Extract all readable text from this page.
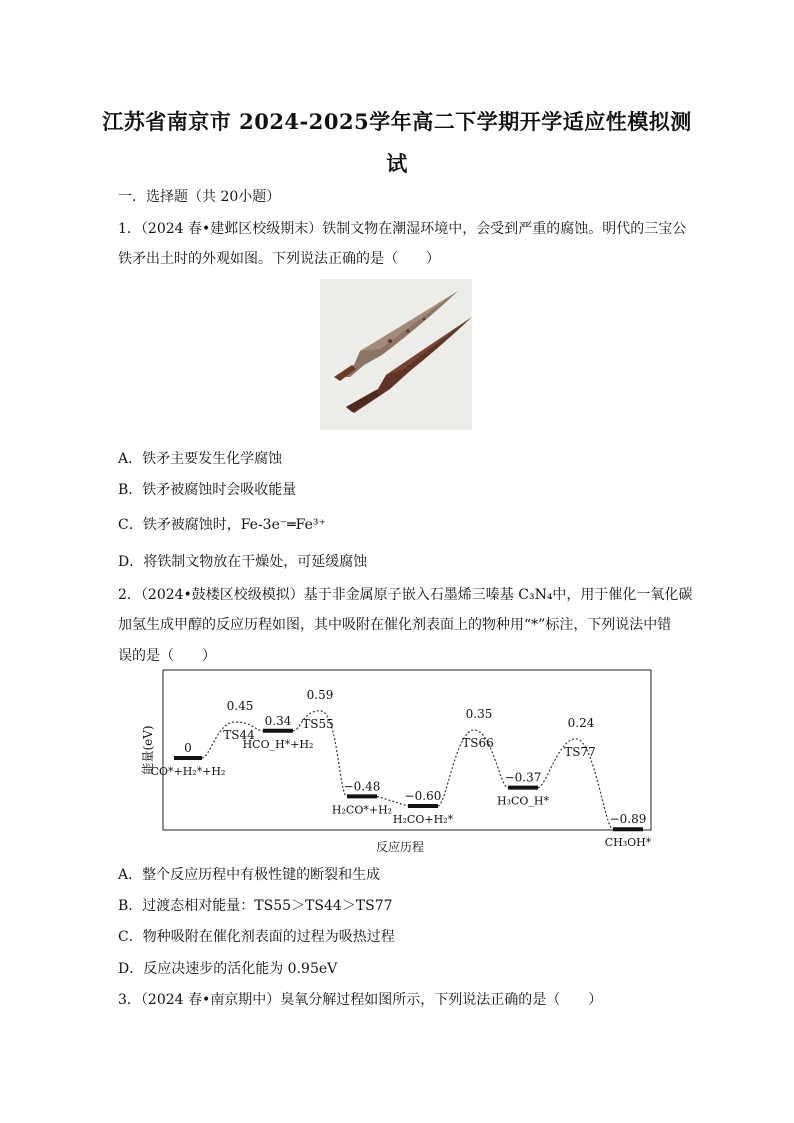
江苏省南京市 2024-2025学年高二下学期开学适应性模拟测
试
一．选择题（共 20小题）
1．（2024 春•建邺区校级期末）铁制文物在潮湿环境中，会受到严重的腐蚀。明代的三宝公
铁矛出土时的外观如图。下列说法正确的是（　　）
A．铁矛主要发生化学腐蚀
B．铁矛被腐蚀时会吸收能量
C．铁矛被腐蚀时，Fe-3e⁻═Fe³⁺
D．将铁制文物放在干燥处，可延缓腐蚀
2．（2024•鼓楼区校级模拟）基于非金属原子嵌入石墨烯三嗪基 C₃N₄中，用于催化一氧化碳
加氢生成甲醇的反应历程如图，其中吸附在催化剂表面上的物种用“*”标注，下列说法中错
误的是（　　）
能量(eV)
反应历程
0
CO*+H₂*+H₂
0.34
HCO_H*+H₂
−0.48
H₂CO*+H₂
−0.60
H₂CO+H₂*
−0.37
H₃CO_H*
−0.89
CH₃OH*
0.45
TS44
0.59
TS55
0.35
TS66
0.24
TS77
A．整个反应历程中有极性键的断裂和生成
B．过渡态相对能量：TS55＞TS44＞TS77
C．物种吸附在催化剂表面的过程为吸热过程
D．反应决速步的活化能为 0.95eV
3．（2024 春•南京期中）臭氧分解过程如图所示，下列说法正确的是（　　）
